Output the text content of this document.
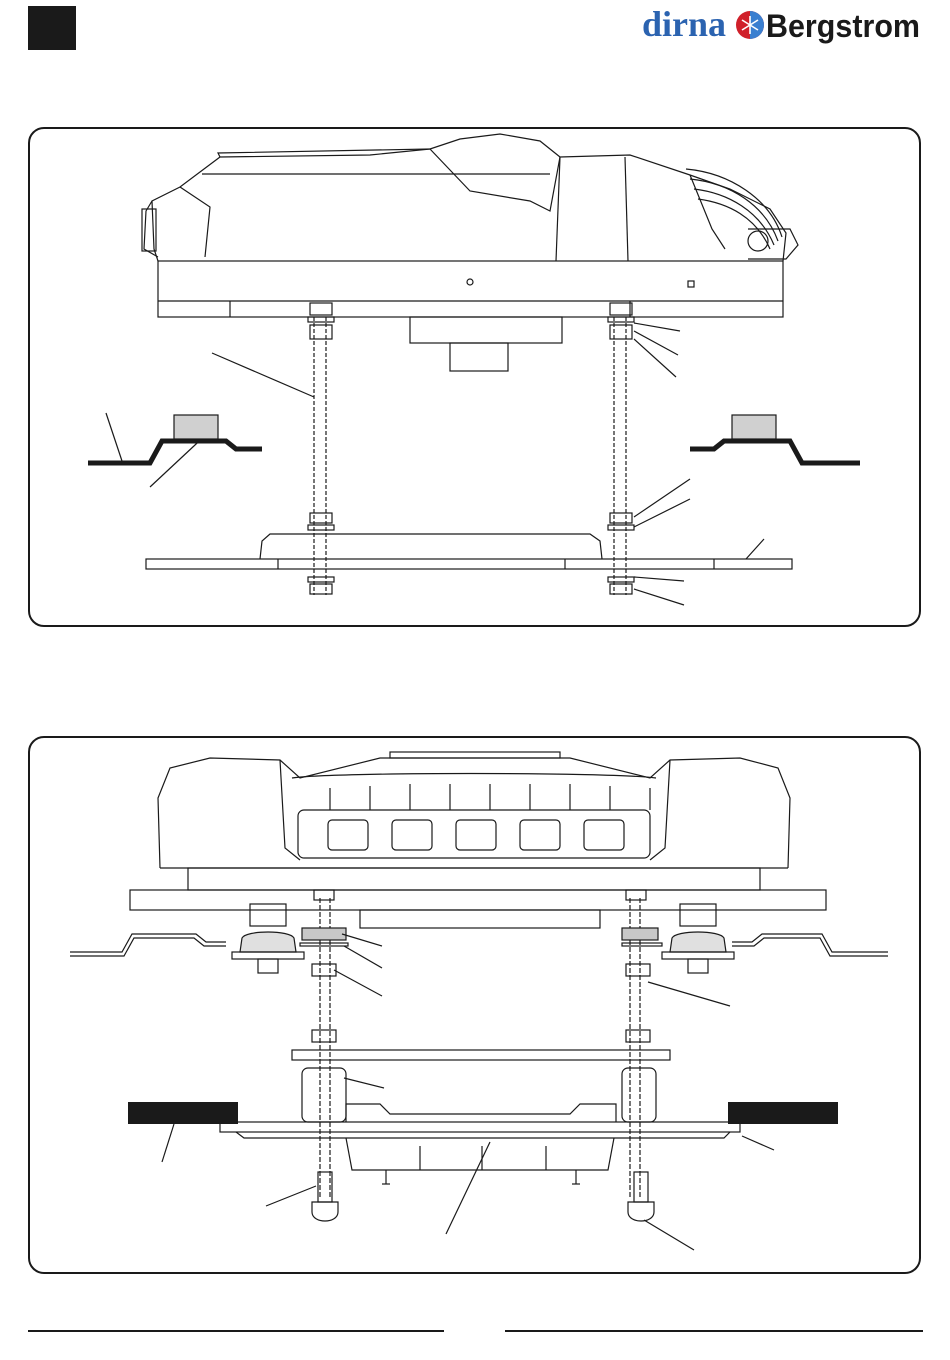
dirna Bergstrom
